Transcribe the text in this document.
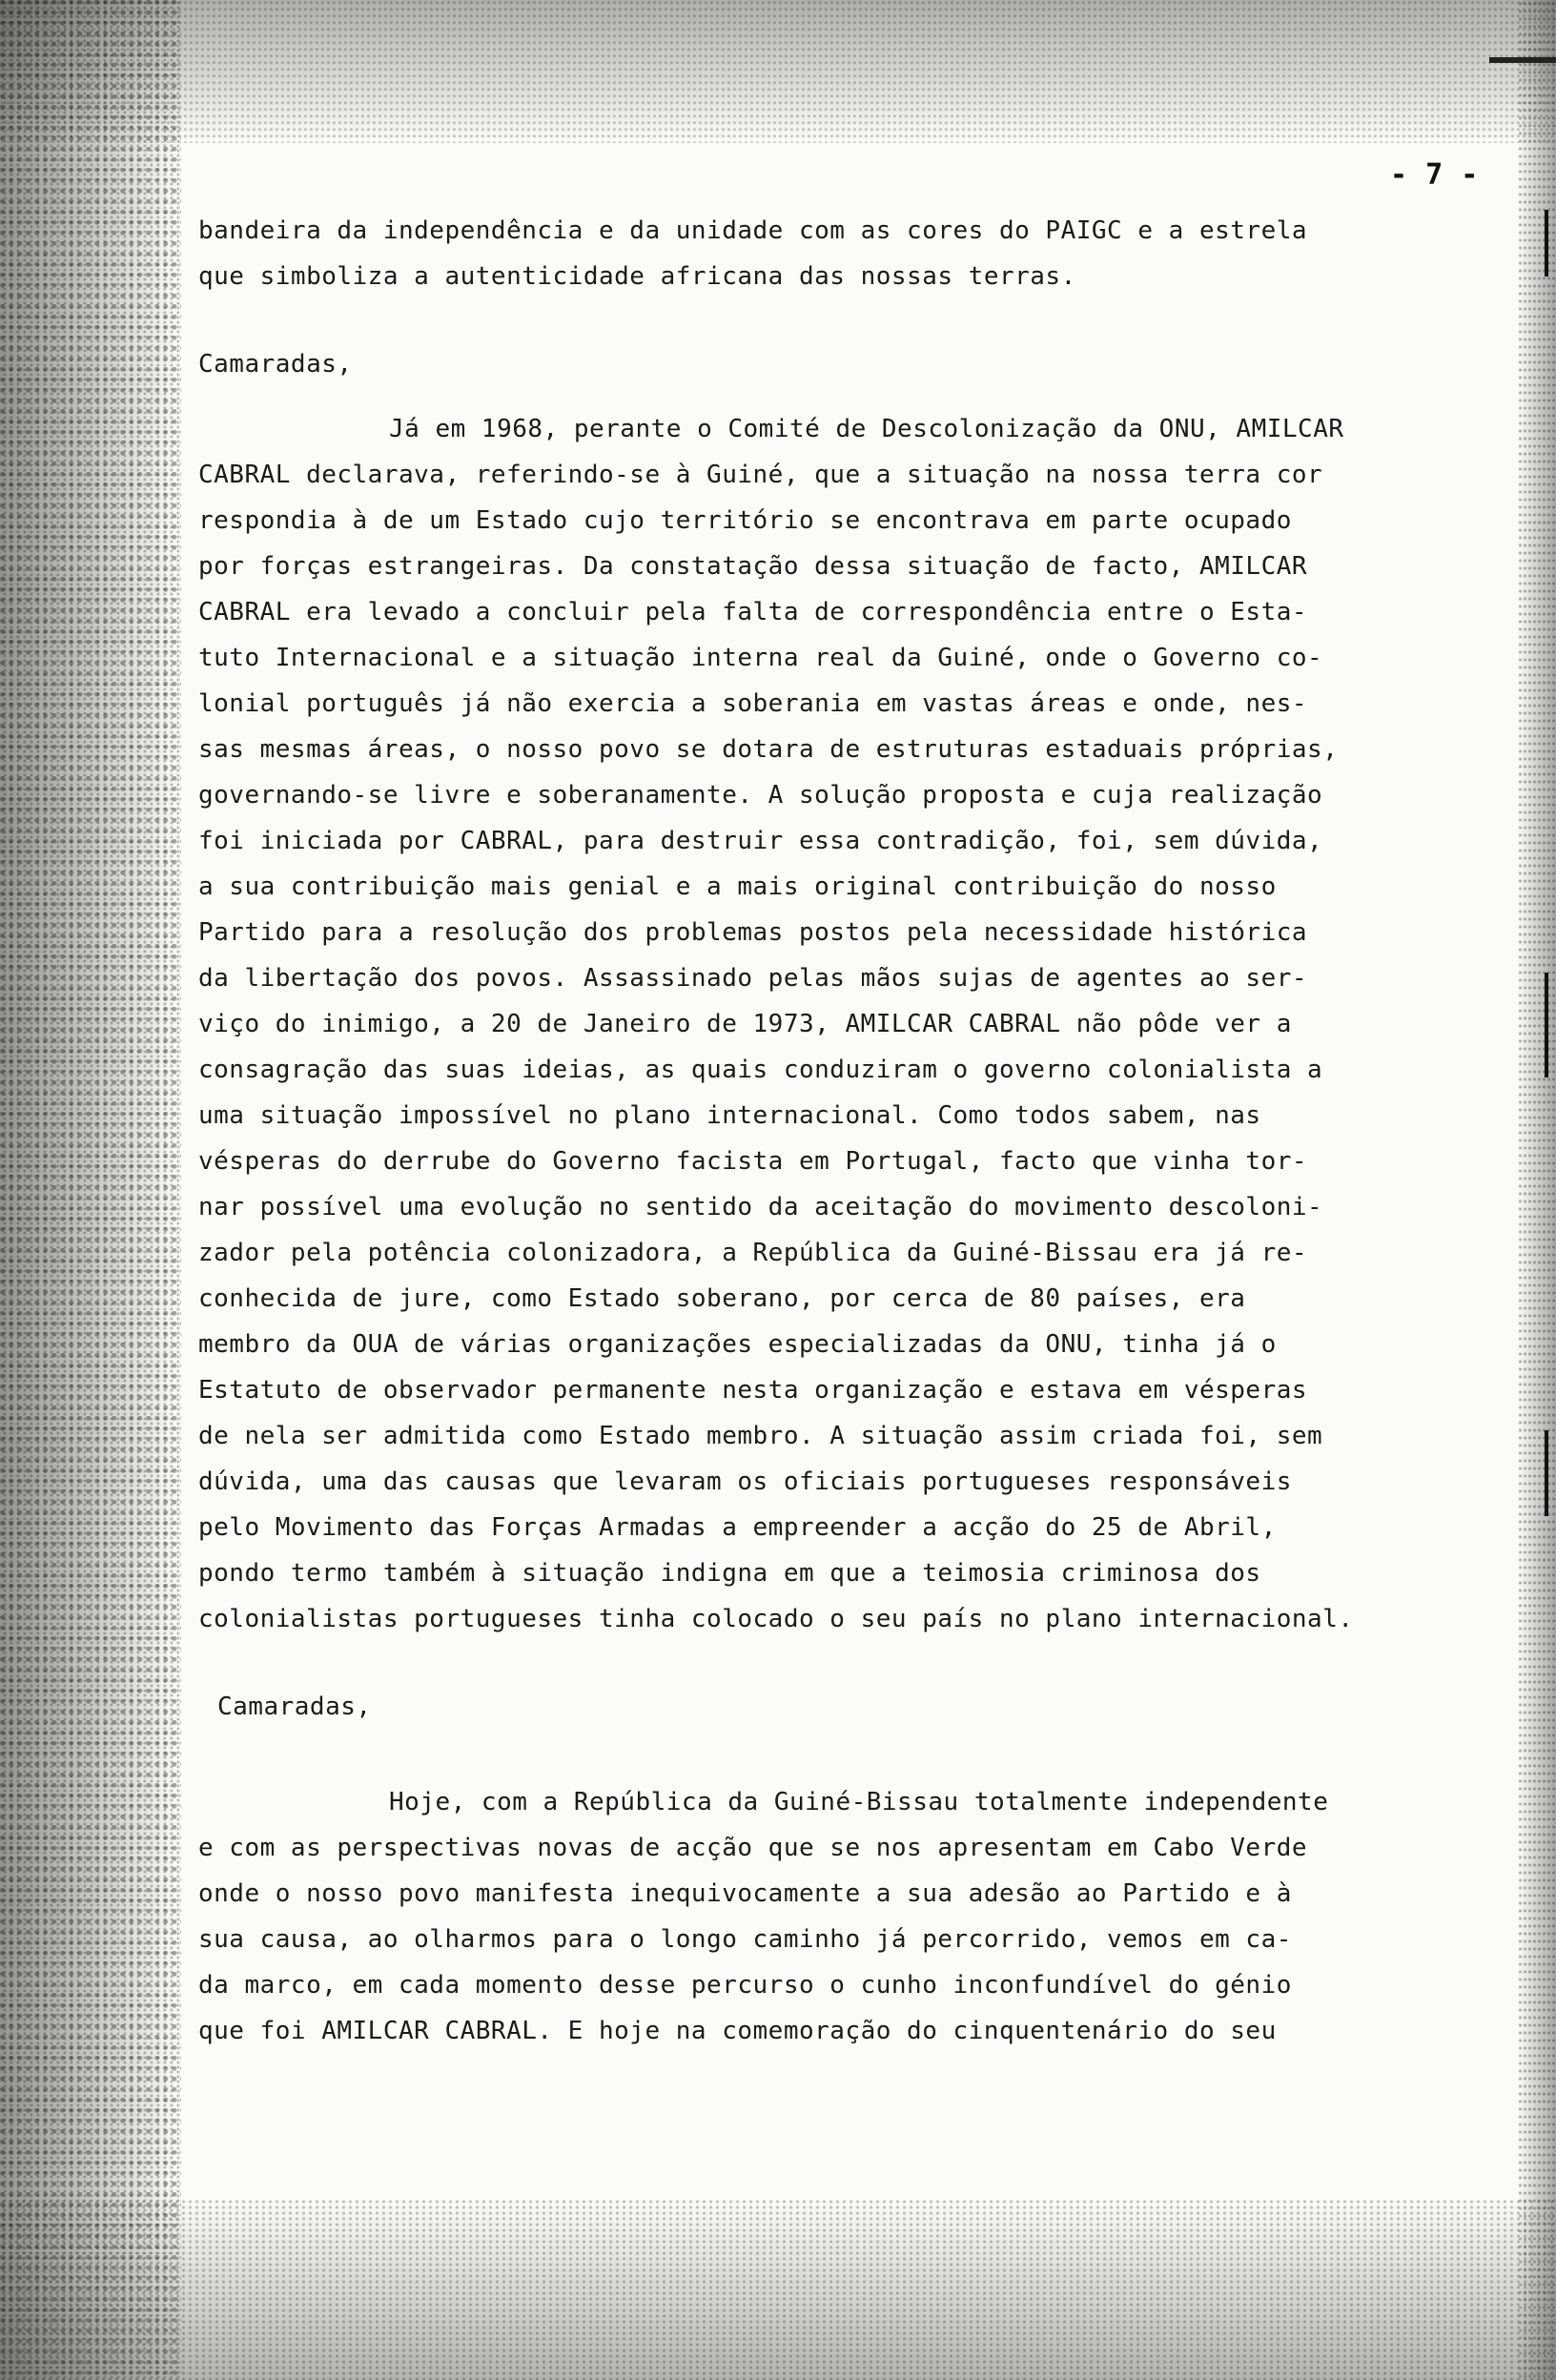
- 7 -

bandeira da independência e da unidade com as cores do PAIGC e a estrela

que simboliza a autenticidade africana das nossas terras.

Camaradas,

Já em 1968, perante o Comité de Descolonização da ONU, AMILCAR

CABRAL declarava, referindo-se à Guiné, que a situação na nossa terra cor

respondia à de um Estado cujo território se encontrava em parte ocupado

por forças estrangeiras. Da constatação dessa situação de facto, AMILCAR

CABRAL era levado a concluir pela falta de correspondência entre o Esta-

tuto Internacional e a situação interna real da Guiné, onde o Governo co-

lonial português já não exercia a soberania em vastas áreas e onde, nes-

sas mesmas áreas, o nosso povo se dotara de estruturas estaduais próprias,

governando-se livre e soberanamente. A solução proposta e cuja realização

foi iniciada por CABRAL, para destruir essa contradição, foi, sem dúvida,

a sua contribuição mais genial e a mais original contribuição do nosso

Partido para a resolução dos problemas postos pela necessidade histórica

da libertação dos povos. Assassinado pelas mãos sujas de agentes ao ser-

viço do inimigo, a 20 de Janeiro de 1973, AMILCAR CABRAL não pôde ver a

consagração das suas ideias, as quais conduziram o governo colonialista a

uma situação impossível no plano internacional. Como todos sabem, nas

vésperas do derrube do Governo facista em Portugal, facto que vinha tor-

nar possível uma evolução no sentido da aceitação do movimento descoloni-

zador pela potência colonizadora, a República da Guiné-Bissau era já re-

conhecida de jure, como Estado soberano, por cerca de 80 países, era

membro da OUA de várias organizações especializadas da ONU, tinha já o

Estatuto de observador permanente nesta organização e estava em vésperas

de nela ser admitida como Estado membro. A situação assim criada foi, sem

dúvida, uma das causas que levaram os oficiais portugueses responsáveis

pelo Movimento das Forças Armadas a empreender a acção do 25 de Abril,

pondo termo também à situação indigna em que a teimosia criminosa dos

colonialistas portugueses tinha colocado o seu país no plano internacional.

Camaradas,

Hoje, com a República da Guiné-Bissau totalmente independente

e com as perspectivas novas de acção que se nos apresentam em Cabo Verde

onde o nosso povo manifesta inequivocamente a sua adesão ao Partido e à

sua causa, ao olharmos para o longo caminho já percorrido, vemos em ca-

da marco, em cada momento desse percurso o cunho inconfundível do génio

que foi AMILCAR CABRAL. E hoje na comemoração do cinquentenário do seu
